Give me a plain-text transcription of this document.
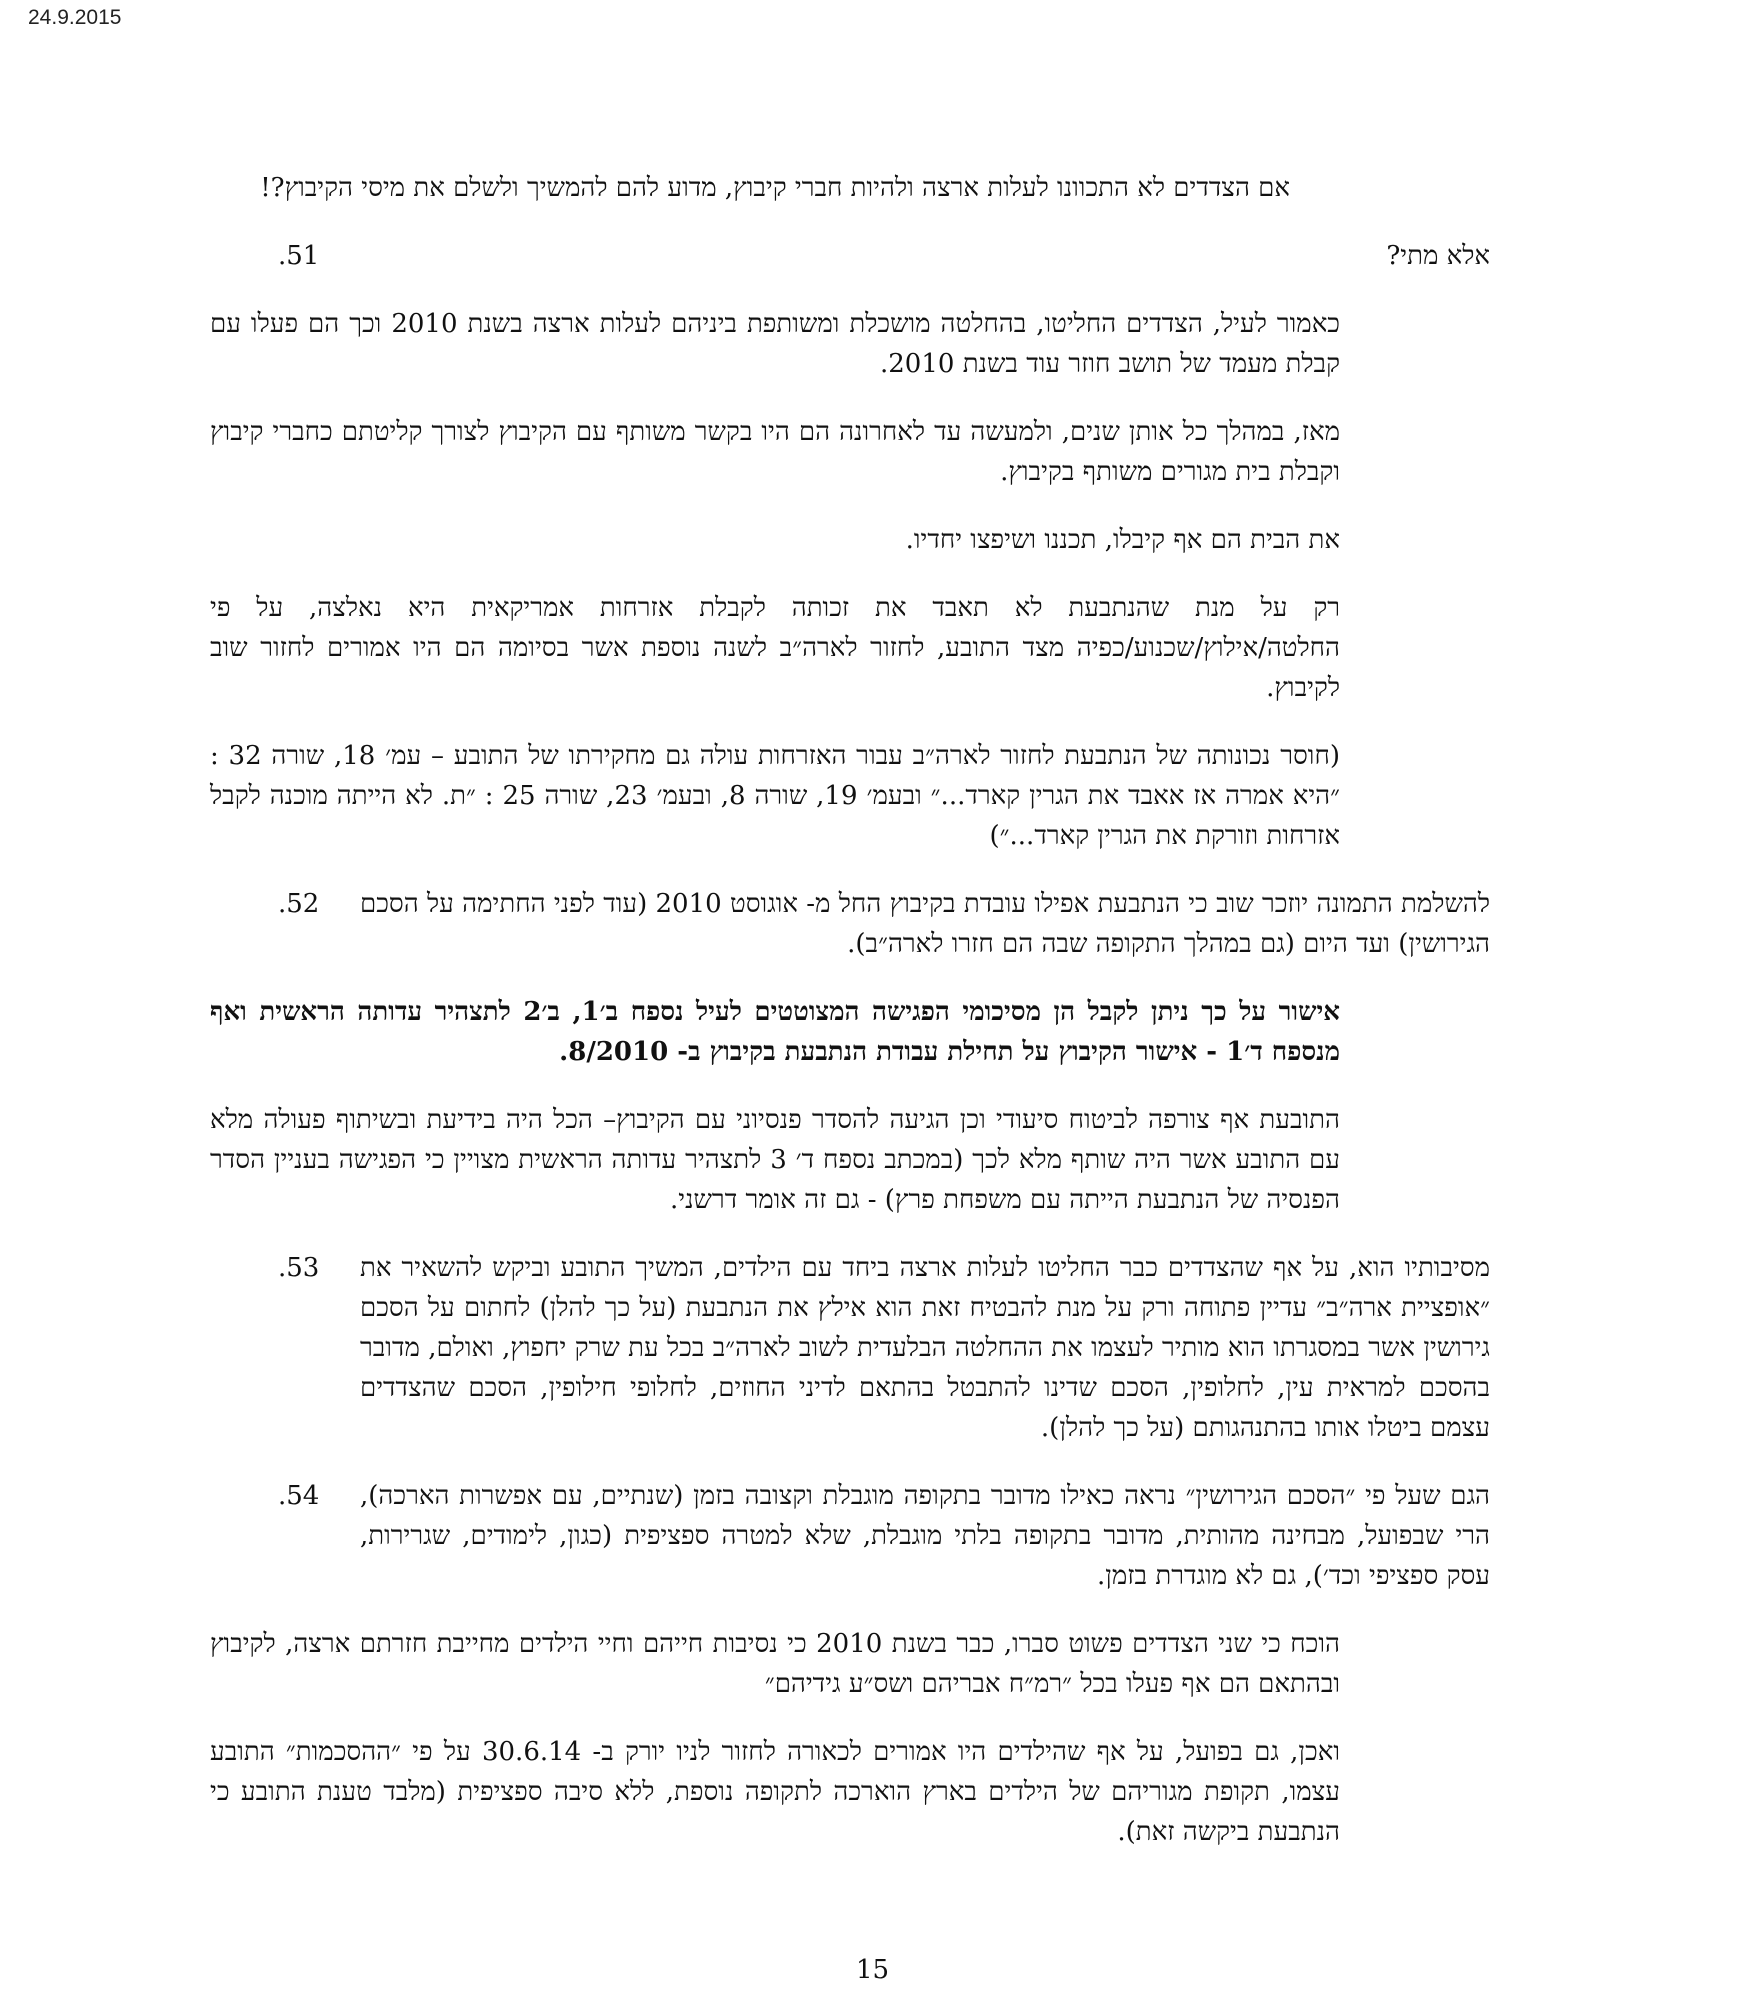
24.9.2015
אם הצדדים לא התכוונו לעלות ארצה ולהיות חברי קיבוץ, מדוע להם להמשיך ולשלם את מיסי הקיבוץ?!
אלא מתי?
.51
כאמור לעיל, הצדדים החליטו, בהחלטה מושכלת ומשותפת ביניהם לעלות ארצה בשנת 2010 וכך הם פעלו עם קבלת מעמד של תושב חוזר עוד בשנת 2010.
מאז, במהלך כל אותן שנים, ולמעשה עד לאחרונה הם היו בקשר משותף עם הקיבוץ לצורך קליטתם כחברי קיבוץ וקבלת בית מגורים משותף בקיבוץ.
את הבית הם אף קיבלו, תכננו ושיפצו יחדיו.
רק על מנת שהנתבעת לא תאבד את זכותה לקבלת אזרחות אמריקאית היא נאלצה, על פי החלטה/אילוץ/שכנוע/כפיה מצד התובע, לחזור לארה״ב לשנה נוספת אשר בסיומה הם היו אמורים לחזור שוב לקיבוץ.
(חוסר נכונותה של הנתבעת לחזור לארה״ב עבור האזרחות עולה גם מחקירתו של התובע – עמ׳ 18, שורה 32 : ״היא אמרה אז אאבד את הגרין קארד...״ ובעמ׳ 19, שורה 8, ובעמ׳ 23, שורה 25 : ״ת. לא הייתה מוכנה לקבל אזרחות וזורקת את הגרין קארד...״)
להשלמת התמונה יוזכר שוב כי הנתבעת אפילו עובדת בקיבוץ החל מ- אוגוסט 2010 (עוד לפני החתימה על הסכם הגירושין) ועד היום (גם במהלך התקופה שבה הם חזרו לארה״ב).
.52
אישור על כך ניתן לקבל הן מסיכומי הפגישה המצוטטים לעיל נספח ב׳1, ב׳2 לתצהיר עדותה הראשית ואף מנספח ד׳1 - אישור הקיבוץ על תחילת עבודת הנתבעת בקיבוץ ב- 8/2010.
התובעת אף צורפה לביטוח סיעודי וכן הגיעה להסדר פנסיוני עם הקיבוץ– הכל היה בידיעת ובשיתוף פעולה מלא עם התובע אשר היה שותף מלא לכך (במכתב נספח ד׳ 3 לתצהיר עדותה הראשית מצויין כי הפגישה בעניין הסדר הפנסיה של הנתבעת הייתה עם משפחת פרץ) - גם זה אומר דרשני.
מסיבותיו הוא, על אף שהצדדים כבר החליטו לעלות ארצה ביחד עם הילדים, המשיך התובע וביקש להשאיר את ״אופציית ארה״ב״ עדיין פתוחה ורק על מנת להבטיח זאת הוא אילץ את הנתבעת (על כך להלן) לחתום על הסכם גירושין אשר במסגרתו הוא מותיר לעצמו את ההחלטה הבלעדית לשוב לארה״ב בכל עת שרק יחפוץ, ואולם, מדובר בהסכם למראית עין, לחלופין, הסכם שדינו להתבטל בהתאם לדיני החוזים, לחלופי חילופין, הסכם שהצדדים עצמם ביטלו אותו בהתנהגותם (על כך להלן).
.53
הגם שעל פי ״הסכם הגירושין״ נראה כאילו מדובר בתקופה מוגבלת וקצובה בזמן (שנתיים, עם אפשרות הארכה), הרי שבפועל, מבחינה מהותית, מדובר בתקופה בלתי מוגבלת, שלא למטרה ספציפית (כגון, לימודים, שגרירות, עסק ספציפי וכד׳), גם לא מוגדרת בזמן.
.54
הוכח כי שני הצדדים פשוט סברו, כבר בשנת 2010 כי נסיבות חייהם וחיי הילדים מחייבת חזרתם ארצה, לקיבוץ ובהתאם הם אף פעלו בכל ״רמ״ח אבריהם ושס״ע גידיהם״
ואכן, גם בפועל, על אף שהילדים היו אמורים לכאורה לחזור לניו יורק ב- 30.6.14 על פי ״ההסכמות״ התובע עצמו, תקופת מגוריהם של הילדים בארץ הוארכה לתקופה נוספת, ללא סיבה ספציפית (מלבד טענת התובע כי הנתבעת ביקשה זאת).
15
